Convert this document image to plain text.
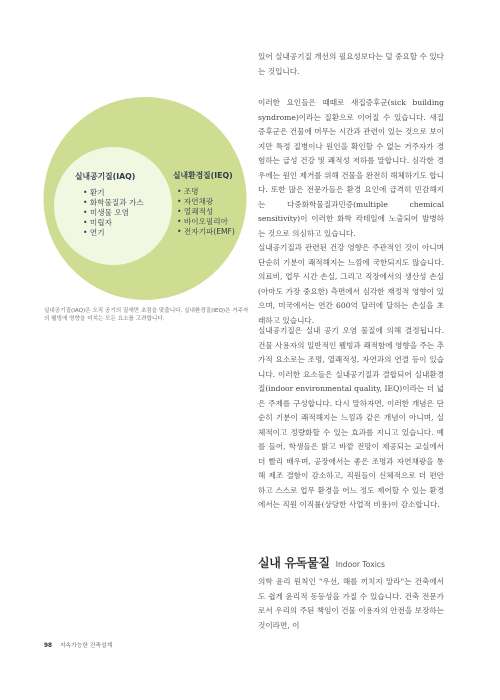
실내공기질(IAQ)
• 환기
• 화학물질과 가스
• 미생물 오염
• 미립자
• 연기
실내환경질(IEQ)
• 조명
• 자연채광
• 열쾌적성
• 바이오필리아
• 전자기파(EMF)
실내공기질(IAQ)은 오직 공기의 질에만 초점을 맞춥니다. 실내환경질(IEQ)은 거주자의 웰빙에 영향을 미치는 모든 요소를 고려합니다.

있어 실내공기질 개선의 필요성보다는 덜 중요할 수 있다는 것입니다.

이러한 요인들은 때때로 새집증후군(sick building syndrome)이라는 질환으로 이어질 수 있습니다. 새집증후군은 건물에 머무는 시간과 관련이 있는 것으로 보이지만 특정 질병이나 원인을 확인할 수 없는 거주자가 경험하는 급성 건강 및 쾌적성 저하를 말합니다. 심각한 경우에는 원인 제거를 위해 건물을 완전히 해체하기도 합니다. 또한 많은 전문가들은 환경 요인에 급격히 민감해지는 다중화학물질과민증(multiple chemical sensitivity)이 이러한 화학 칵테일에 노출되어 발병하는 것으로 의심하고 있습니다.

실내공기질과 관련된 건강 영향은 주관적인 것이 아니며 단순히 기분이 쾌적해지는 느낌에 국한되지도 않습니다. 의료비, 업무 시간 손실, 그리고 직장에서의 생산성 손실(아마도 가장 중요한) 측면에서 심각한 재정적 영향이 있으며, 미국에서는 연간 600억 달러에 달하는 손실을 초래하고 있습니다.

실내공기질은 실내 공기 오염 물질에 의해 결정됩니다. 건물 사용자의 일반적인 웰빙과 쾌적함에 영향을 주는 추가적 요소로는 조명, 열쾌적성, 자연과의 연결 등이 있습니다. 이러한 요소들은 실내공기질과 결합되어 실내환경질(indoor environmental quality, IEQ)이라는 더 넓은 주제를 구성합니다. 다시 말하자면, 이러한 개념은 단순히 기분이 쾌적해지는 느낌과 같은 개념이 아니며, 실체적이고 정량화할 수 있는 효과를 지니고 있습니다. 예를 들어, 학생들은 밝고 바깥 전망이 제공되는 교실에서 더 빨리 배우며, 공장에서는 좋은 조명과 자연채광을 통해 제조 결함이 감소하고, 직원들이 신체적으로 더 편안하고 스스로 업무 환경을 어느 정도 제어할 수 있는 환경에서는 직원 이직률(상당한 사업적 비용)이 감소합니다.

실내 유독물질 Indoor Toxics

의학 윤리 원칙인 "우선, 해를 끼치지 말라"는 건축에서도 쉽게 윤리적 동등성을 가질 수 있습니다. 건축 전문가로서 우리의 주된 책임이 건물 이용자의 안전을 보장하는 것이라면, 이

98 지속가능한 건축설계
